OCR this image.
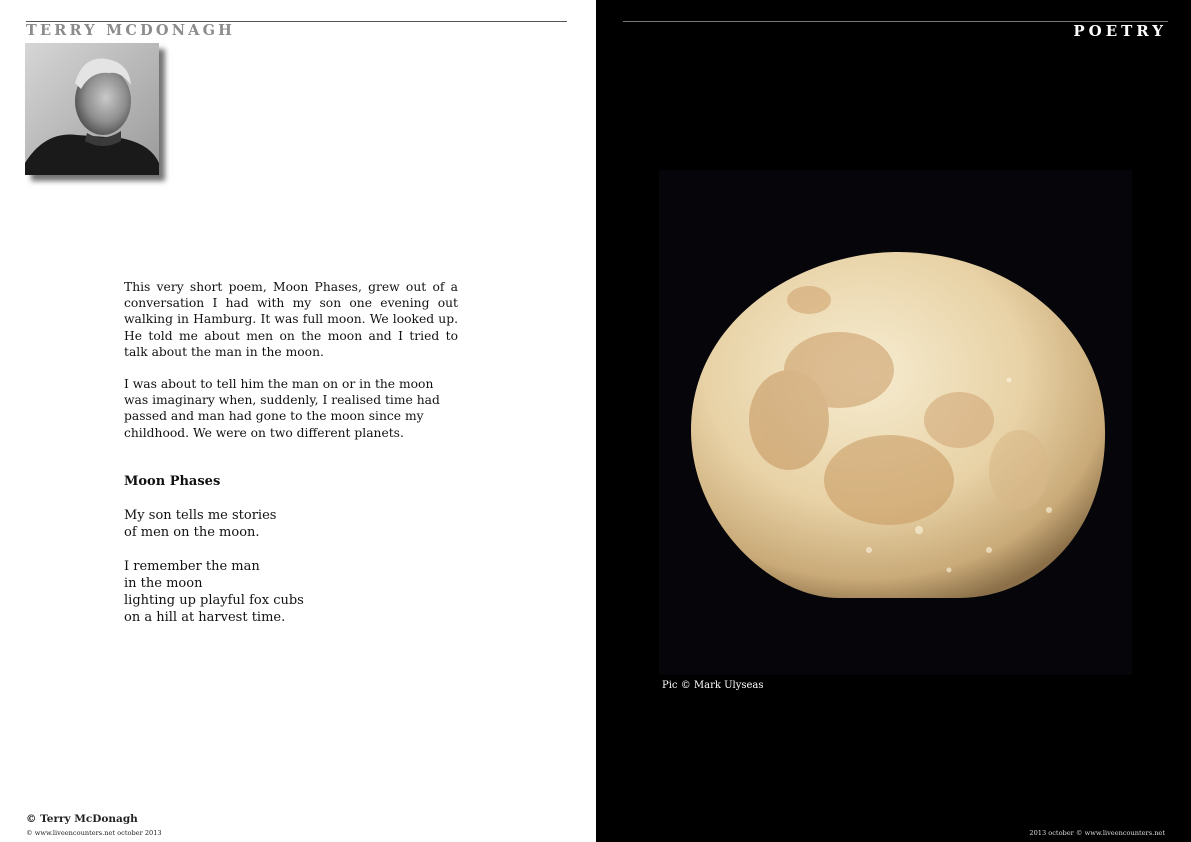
TERRY MCDONAGH

This very short poem, Moon Phases, grew out of a conversation I had with my son one evening out walking in Hamburg. It was full moon. We looked up. He told me about men on the moon and I tried to talk about the man in the moon.

I was about to tell him the man on or in the moon was imaginary when, suddenly, I realised time had passed and man had gone to the moon since my childhood. We were on two different planets.

Moon Phases
My son tells me stories
of men on the moon.
I remember the man
in the moon
lighting up playful fox cubs
on a hill at harvest time.
© Terry McDonagh
© www.liveencounters.net october 2013
POETRY
Pic © Mark Ulyseas
2013 october © www.liveencounters.net
